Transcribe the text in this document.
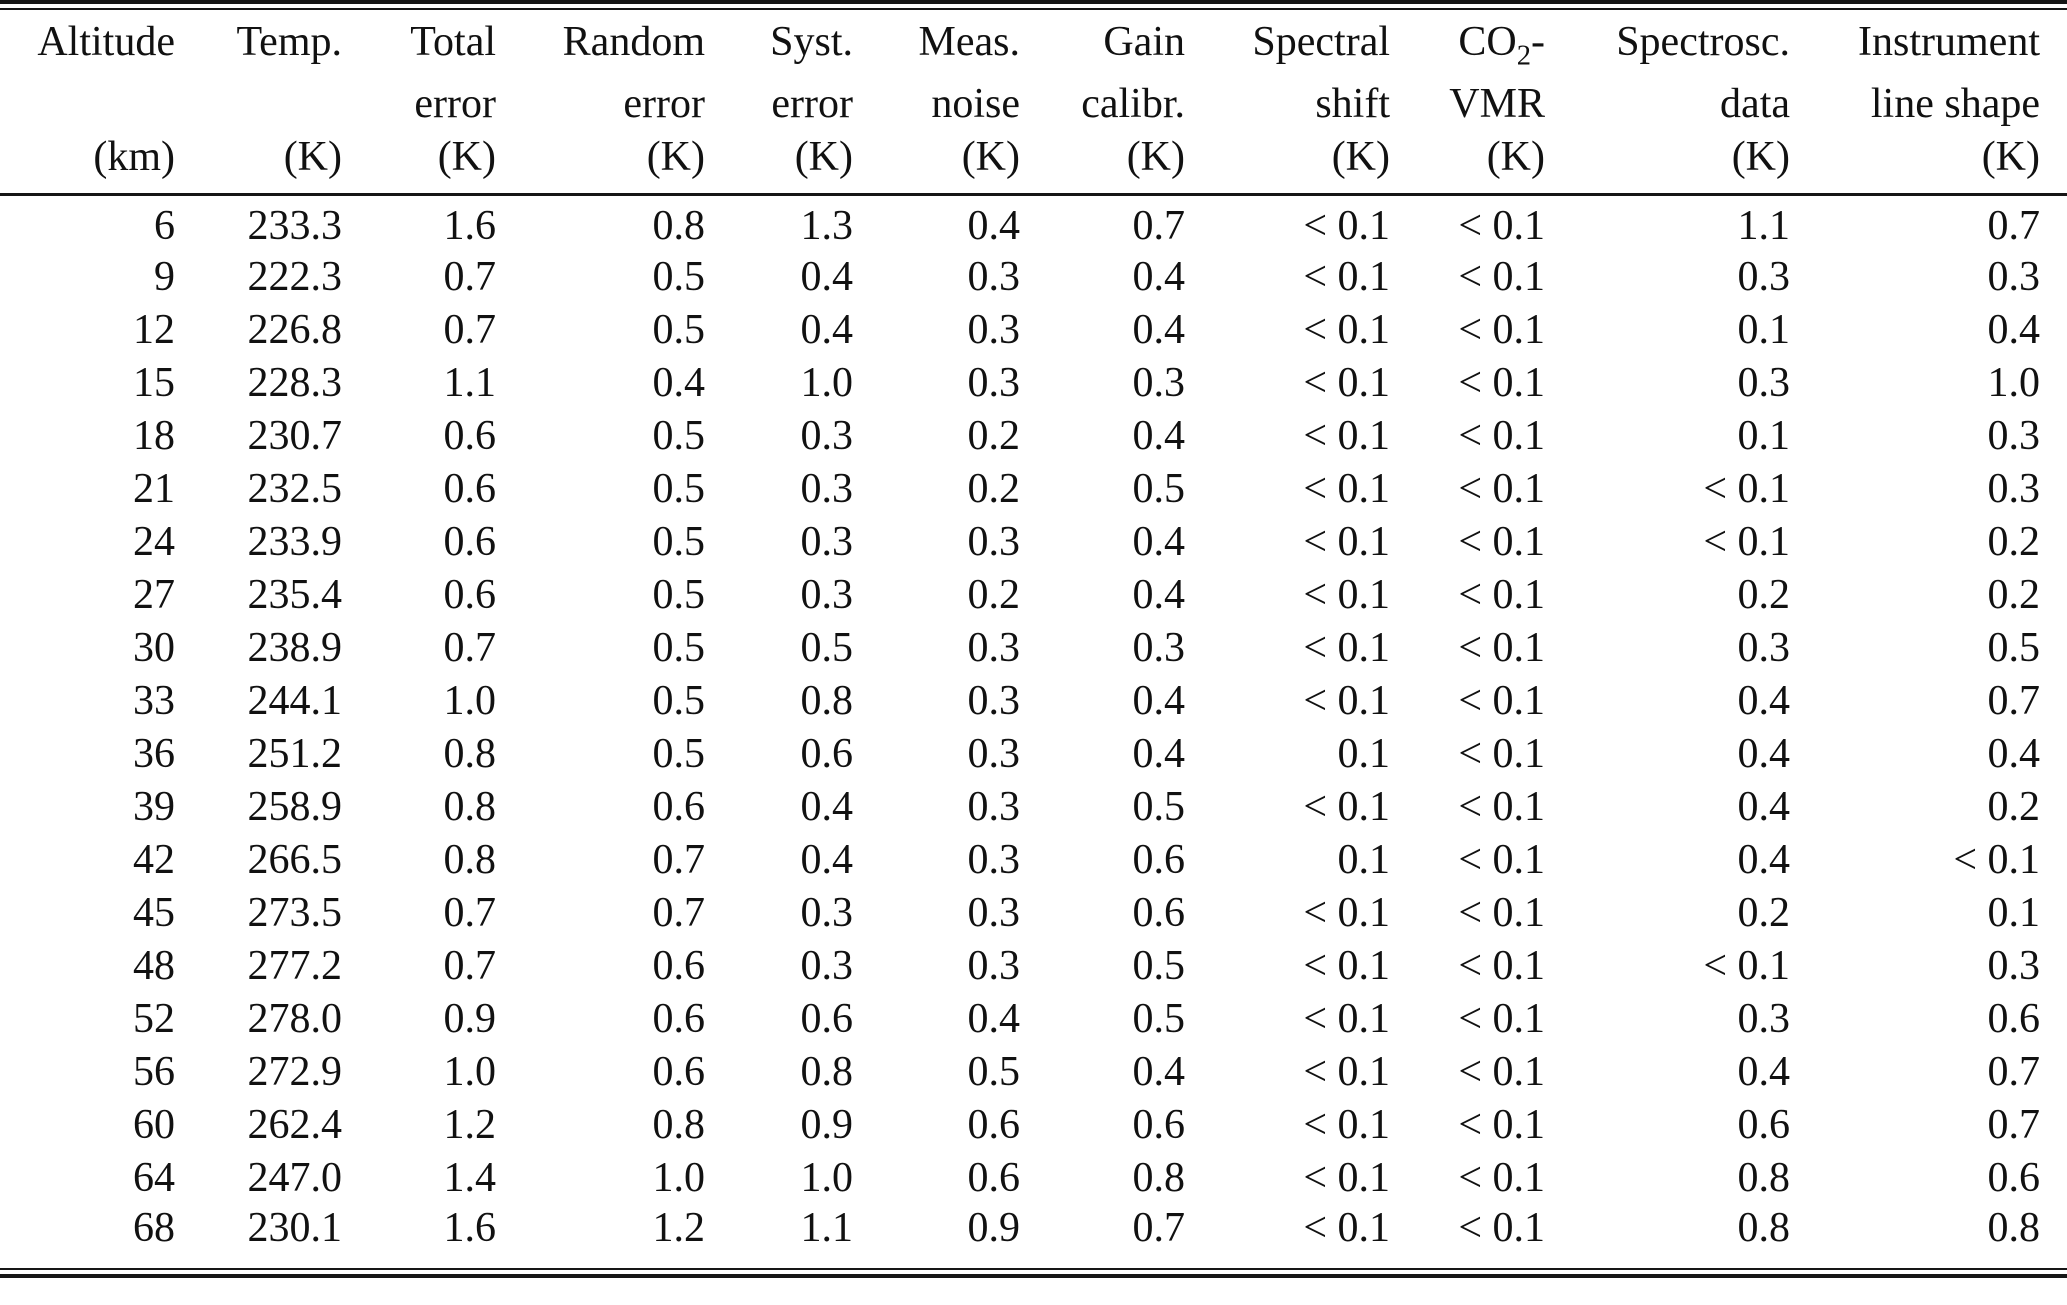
Altitude	Temp.	Total	Random	Syst.	Meas.	Gain	Spectral	$CO_2-$	Spectrosc.	Instrument
		error	error	error	noise	calibr.	shift	VMR	data	line shape
(km)	(K)	(K)	(K)	(K)	(K)	(K)	(K)	(K)	(K)	(K)
6	233.3	1.6	0.8	1.3	0.4	0.7	< 0.1	< 0.1	1.1	0.7
9	222.3	0.7	0.5	0.4	0.3	0.4	< 0.1	< 0.1	0.3	0.3
12	226.8	0.7	0.5	0.4	0.3	0.4	< 0.1	< 0.1	0.1	0.4
15	228.3	1.1	0.4	1.0	0.3	0.3	< 0.1	< 0.1	0.3	1.0
18	230.7	0.6	0.5	0.3	0.2	0.4	< 0.1	< 0.1	0.1	0.3
21	232.5	0.6	0.5	0.3	0.2	0.5	< 0.1	< 0.1	< 0.1	0.3
24	233.9	0.6	0.5	0.3	0.3	0.4	< 0.1	< 0.1	< 0.1	0.2
27	235.4	0.6	0.5	0.3	0.2	0.4	< 0.1	< 0.1	0.2	0.2
30	238.9	0.7	0.5	0.5	0.3	0.3	< 0.1	< 0.1	0.3	0.5
33	244.1	1.0	0.5	0.8	0.3	0.4	< 0.1	< 0.1	0.4	0.7
36	251.2	0.8	0.5	0.6	0.3	0.4	0.1	< 0.1	0.4	0.4
39	258.9	0.8	0.6	0.4	0.3	0.5	< 0.1	< 0.1	0.4	0.2
42	266.5	0.8	0.7	0.4	0.3	0.6	0.1	< 0.1	0.4	< 0.1
45	273.5	0.7	0.7	0.3	0.3	0.6	< 0.1	< 0.1	0.2	0.1
48	277.2	0.7	0.6	0.3	0.3	0.5	< 0.1	< 0.1	< 0.1	0.3
52	278.0	0.9	0.6	0.6	0.4	0.5	< 0.1	< 0.1	0.3	0.6
56	272.9	1.0	0.6	0.8	0.5	0.4	< 0.1	< 0.1	0.4	0.7
60	262.4	1.2	0.8	0.9	0.6	0.6	< 0.1	< 0.1	0.6	0.7
64	247.0	1.4	1.0	1.0	0.6	0.8	< 0.1	< 0.1	0.8	0.6
68	230.1	1.6	1.2	1.1	0.9	0.7	< 0.1	< 0.1	0.8	0.8
